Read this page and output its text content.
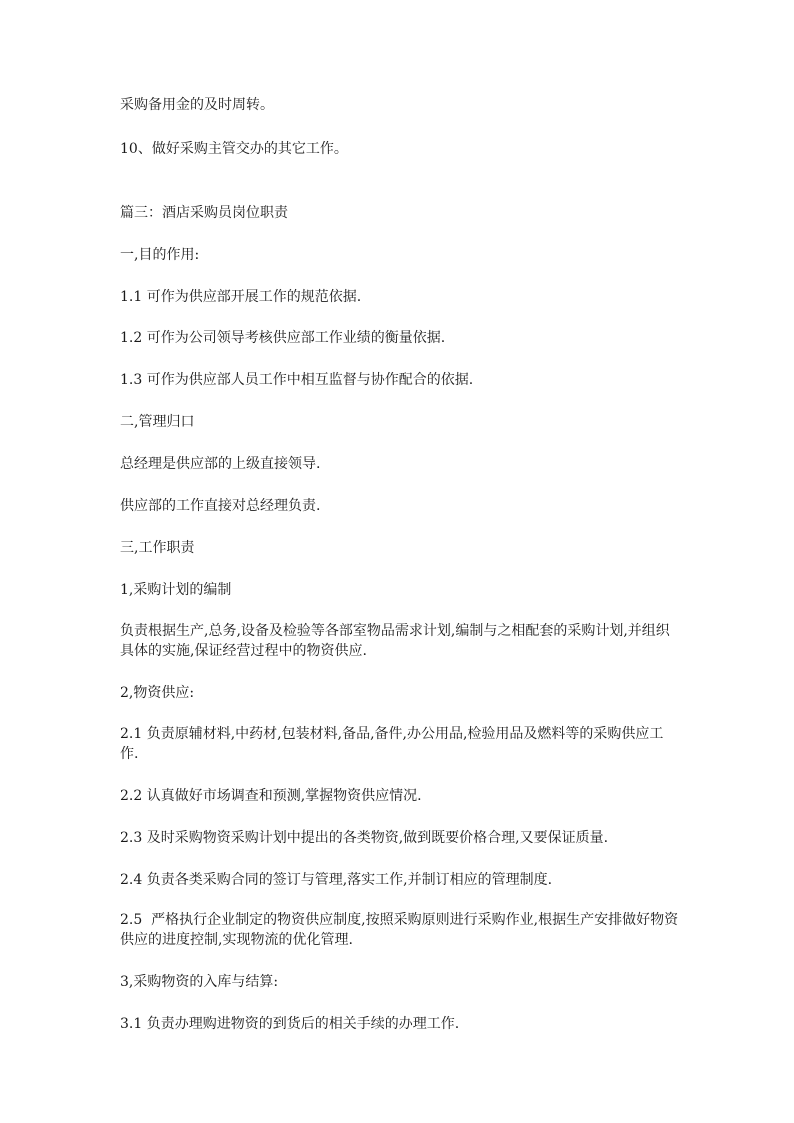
采购备用金的及时周转。

10、做好采购主管交办的其它工作。

篇三：酒店采购员岗位职责

一,目的作用:

1.1 可作为供应部开展工作的规范依据.

1.2 可作为公司领导考核供应部工作业绩的衡量依据.

1.3 可作为供应部人员工作中相互监督与协作配合的依据.

二,管理归口

总经理是供应部的上级直接领导.

供应部的工作直接对总经理负责.

三,工作职责

1,采购计划的编制

负责根据生产,总务,设备及检验等各部室物品需求计划,编制与之相配套的采购计划,并组织具体的实施,保证经营过程中的物资供应.

2,物资供应:

2.1 负责原辅材料,中药材,包装材料,备品,备件,办公用品,检验用品及燃料等的采购供应工作.

2.2 认真做好市场调查和预测,掌握物资供应情况.

2.3 及时采购物资采购计划中提出的各类物资,做到既要价格合理,又要保证质量.

2.4 负责各类采购合同的签订与管理,落实工作,并制订相应的管理制度.

2.5  严格执行企业制定的物资供应制度,按照采购原则进行采购作业,根据生产安排做好物资供应的进度控制,实现物流的优化管理.

3,采购物资的入库与结算:

3.1 负责办理购进物资的到货后的相关手续的办理工作.
